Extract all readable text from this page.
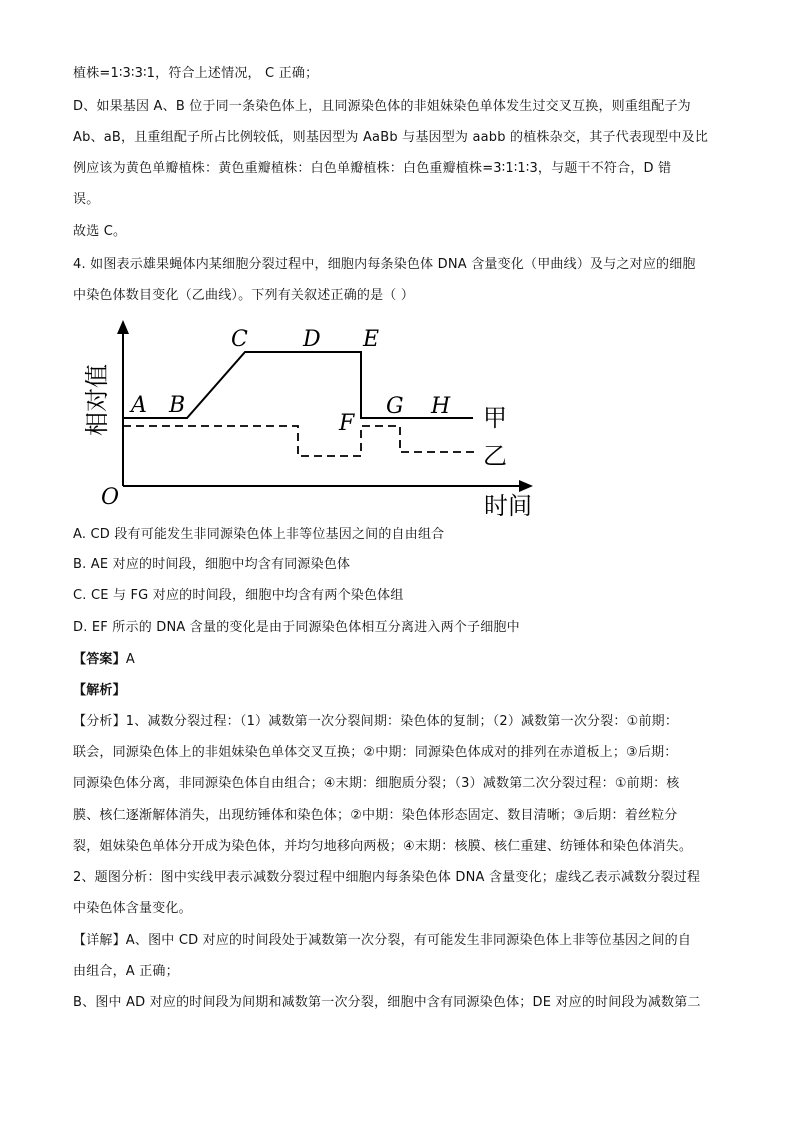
植株=1∶3∶3∶1，符合上述情况， C 正确；
D、如果基因 A、B 位于同一条染色体上，且同源染色体的非姐妹染色单体发生过交叉互换，则重组配子为
Ab、aB，且重组配子所占比例较低，则基因型为 AaBb 与基因型为 aabb 的植株杂交，其子代表现型中及比
例应该为黄色单瓣植株：黄色重瓣植株：白色单瓣植株：白色重瓣植株=3∶1∶1∶3，与题干不符合，D 错
误。
故选 C。
4. 如图表示雄果蝇体内某细胞分裂过程中，细胞内每条染色体 DNA 含量变化（甲曲线）及与之对应的细胞
中染色体数目变化（乙曲线）。下列有关叙述正确的是（ ）
相对值
O	时间
A B
C	D E
F
G H 甲
乙
A. CD 段有可能发生非同源染色体上非等位基因之间的自由组合
B. AE 对应的时间段，细胞中均含有同源染色体
C. CE 与 FG 对应的时间段，细胞中均含有两个染色体组
D. EF 所示的 DNA 含量的变化是由于同源染色体相互分离进入两个子细胞中
【答案】A
【解析】
【分析】1、减数分裂过程：（1）减数第一次分裂间期：染色体的复制；（2）减数第一次分裂：①前期：
联会，同源染色体上的非姐妹染色单体交叉互换；②中期：同源染色体成对的排列在赤道板上；③后期：
同源染色体分离，非同源染色体自由组合；④末期：细胞质分裂；（3）减数第二次分裂过程：①前期：核
膜、核仁逐渐解体消失，出现纺锤体和染色体；②中期：染色体形态固定、数目清晰；③后期：着丝粒分
裂，姐妹染色单体分开成为染色体，并均匀地移向两极；④末期：核膜、核仁重建、纺锤体和染色体消失。
2、题图分析：图中实线甲表示减数分裂过程中细胞内每条染色体 DNA 含量变化；虚线乙表示减数分裂过程
中染色体含量变化。
【详解】A、图中 CD 对应的时间段处于减数第一次分裂，有可能发生非同源染色体上非等位基因之间的自
由组合，A 正确；
B、图中 AD 对应的时间段为间期和减数第一次分裂，细胞中含有同源染色体；DE 对应的时间段为减数第二
